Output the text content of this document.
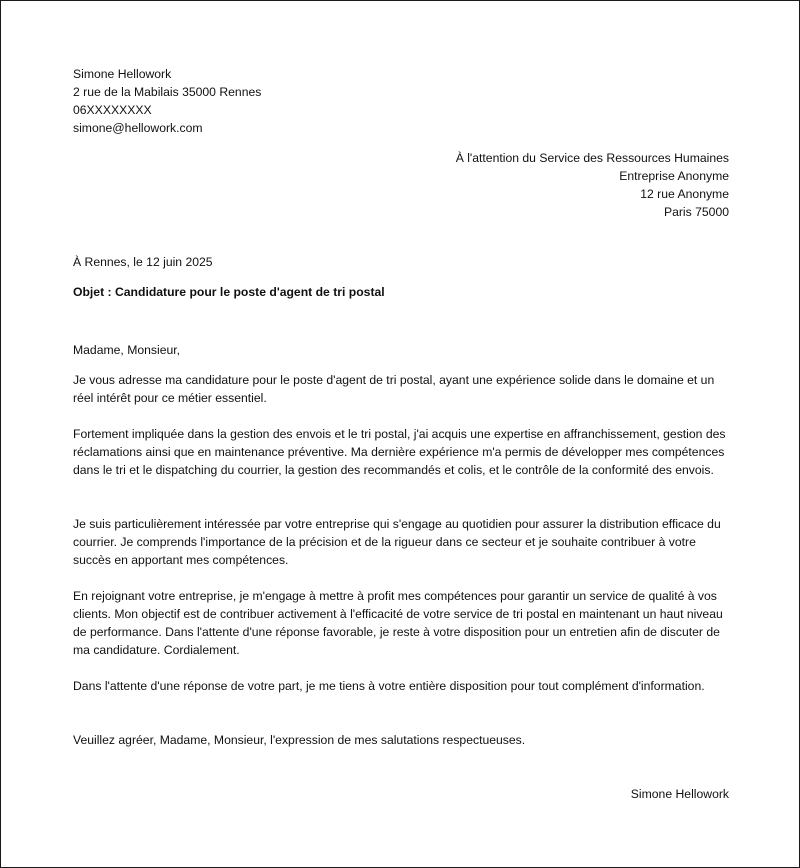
Simone Hellowork
2 rue de la Mabilais 35000 Rennes
06XXXXXXXX
simone@hellowork.com
À l'attention du Service des Ressources Humaines
Entreprise Anonyme
12 rue Anonyme
Paris 75000
À Rennes, le 12 juin 2025
Objet : Candidature pour le poste d'agent de tri postal
Madame, Monsieur,
Je vous adresse ma candidature pour le poste d'agent de tri postal, ayant une expérience solide dans le domaine et un réel intérêt pour ce métier essentiel.
Fortement impliquée dans la gestion des envois et le tri postal, j'ai acquis une expertise en affranchissement, gestion des réclamations ainsi que en maintenance préventive. Ma dernière expérience m'a permis de développer mes compétences dans le tri et le dispatching du courrier, la gestion des recommandés et colis, et le contrôle de la conformité des envois.
Je suis particulièrement intéressée par votre entreprise qui s'engage au quotidien pour assurer la distribution efficace du courrier. Je comprends l'importance de la précision et de la rigueur dans ce secteur et je souhaite contribuer à votre succès en apportant mes compétences.
En rejoignant votre entreprise, je m'engage à mettre à profit mes compétences pour garantir un service de qualité à vos clients. Mon objectif est de contribuer activement à l'efficacité de votre service de tri postal en maintenant un haut niveau de performance. Dans l'attente d'une réponse favorable, je reste à votre disposition pour un entretien afin de discuter de ma candidature. Cordialement.
Dans l'attente d'une réponse de votre part, je me tiens à votre entière disposition pour tout complément d'information.
Veuillez agréer, Madame, Monsieur, l'expression de mes salutations respectueuses.
Simone Hellowork
